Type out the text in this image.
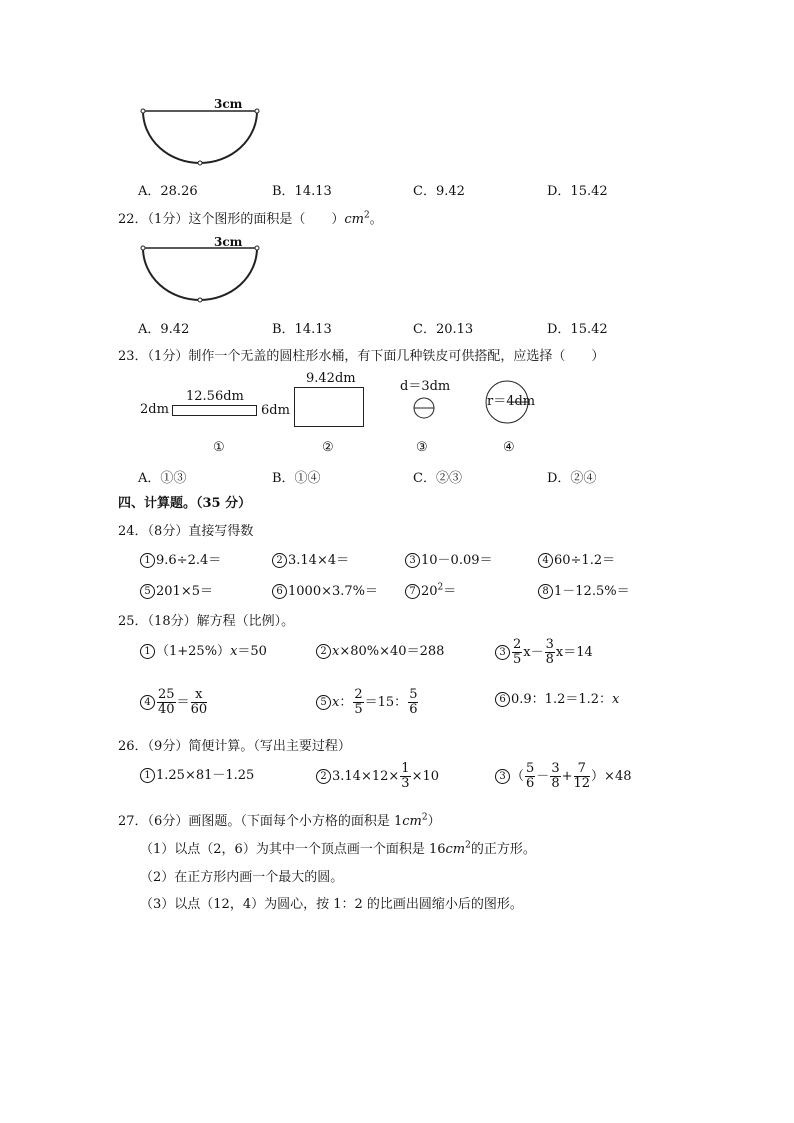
3cm
A．28.26	B．14.13	C．9.42	D．15.42
22．（1分）这个图形的面积是（　　）$cm^2$。
3cm
A．9.42	B．14.13	C．20.13	D．15.42
23．（1分）制作一个无盖的圆柱形水桶，有下面几种铁皮可供搭配，应选择（　　）
12.56dm
2dm	6dm
①
9.42dm
②
d＝3dm
③
r＝4dm
④
A．①③	B．①④	C．②③	D．②④
四、计算题。（35 分）
24．（8分）直接写得数
1 9.6÷2.4＝	2 3.14×4＝	3 10－0.09＝	4 60÷1.2＝
5 201×5＝	6 1000×3.7%＝	7 $20^2=$	8 1－12.5%＝
25．（18分）解方程（比例）。
1 （1+25%）x＝50	2 x×80%×40＝288	$3 \frac{2}{5} x- \frac{3}{8} x=14$
$4 \frac{25}{40} = \frac{x}{60}$	5 x： $\frac{2}{5} =15$： $\frac{5}{6}$	6 0.9：1.2＝1.2：x
26．（9分）简便计算。（写出主要过程）
1 1.25×81－1.25	2 $3.14\times 12\times \frac{1}{3} \times 10$	3 （ $\frac{5}{6} - \frac{3}{8} + \frac{7}{12} )\times 48$
27．（6分）画图题。（下面每个小方格的面积是 $1cm^2$）
（1）以点（2，6）为其中一个顶点画一个面积是 $16cm^2$的正方形。
（2）在正方形内画一个最大的圆。
（3）以点（12，4）为圆心，按 1：2 的比画出圆缩小后的图形。
